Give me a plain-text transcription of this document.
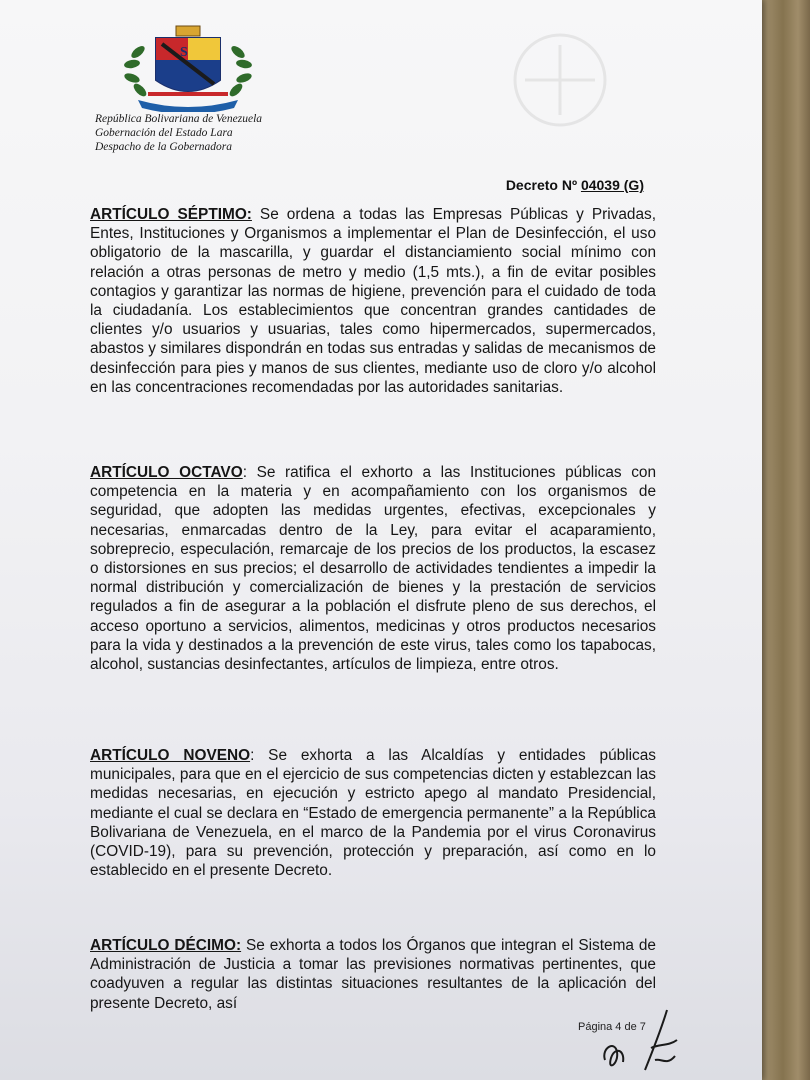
S
República Bolivariana de Venezuela
Gobernación del Estado Lara
Despacho de la Gobernadora
Decreto Nº 04039 (G)

ARTÍCULO SÉPTIMO: Se ordena a todas las Empresas Públicas y Privadas, Entes, Instituciones y Organismos a implementar el Plan de Desinfección, el uso obligatorio de la mascarilla, y guardar el distanciamiento social mínimo con relación a otras personas de metro y medio (1,5 mts.), a fin de evitar posibles contagios y garantizar las normas de higiene, prevención para el cuidado de toda la ciudadanía. Los establecimientos que concentran grandes cantidades de clientes y/o usuarios y usuarias, tales como hipermercados, supermercados, abastos y similares dispondrán en todas sus entradas y salidas de mecanismos de desinfección para pies y manos de sus clientes, mediante uso de cloro y/o alcohol en las concentraciones recomendadas por las autoridades sanitarias.

ARTÍCULO OCTAVO: Se ratifica el exhorto a las Instituciones públicas con competencia en la materia y en acompañamiento con los organismos de seguridad, que adopten las medidas urgentes, efectivas, excepcionales y necesarias, enmarcadas dentro de la Ley, para evitar el acaparamiento, sobreprecio, especulación, remarcaje de los precios de los productos, la escasez o distorsiones en sus precios; el desarrollo de actividades tendientes a impedir la normal distribución y comercialización de bienes y la prestación de servicios regulados a fin de asegurar a la población el disfrute pleno de sus derechos, el acceso oportuno a servicios, alimentos, medicinas y otros productos necesarios para la vida y destinados a la prevención de este virus, tales como los tapabocas, alcohol, sustancias desinfectantes, artículos de limpieza, entre otros.

ARTÍCULO NOVENO: Se exhorta a las Alcaldías y entidades públicas municipales, para que en el ejercicio de sus competencias dicten y establezcan las medidas necesarias, en ejecución y estricto apego al mandato Presidencial, mediante el cual se declara en “Estado de emergencia permanente” a la República Bolivariana de Venezuela, en el marco de la Pandemia por el virus Coronavirus (COVID-19), para su prevención, protección y preparación, así como en lo establecido en el presente Decreto.

ARTÍCULO DÉCIMO: Se exhorta a todos los Órganos que integran el Sistema de Administración de Justicia a tomar las previsiones normativas pertinentes, que coadyuven a regular las distintas situaciones resultantes de la aplicación del presente Decreto, así

Página 4 de 7
